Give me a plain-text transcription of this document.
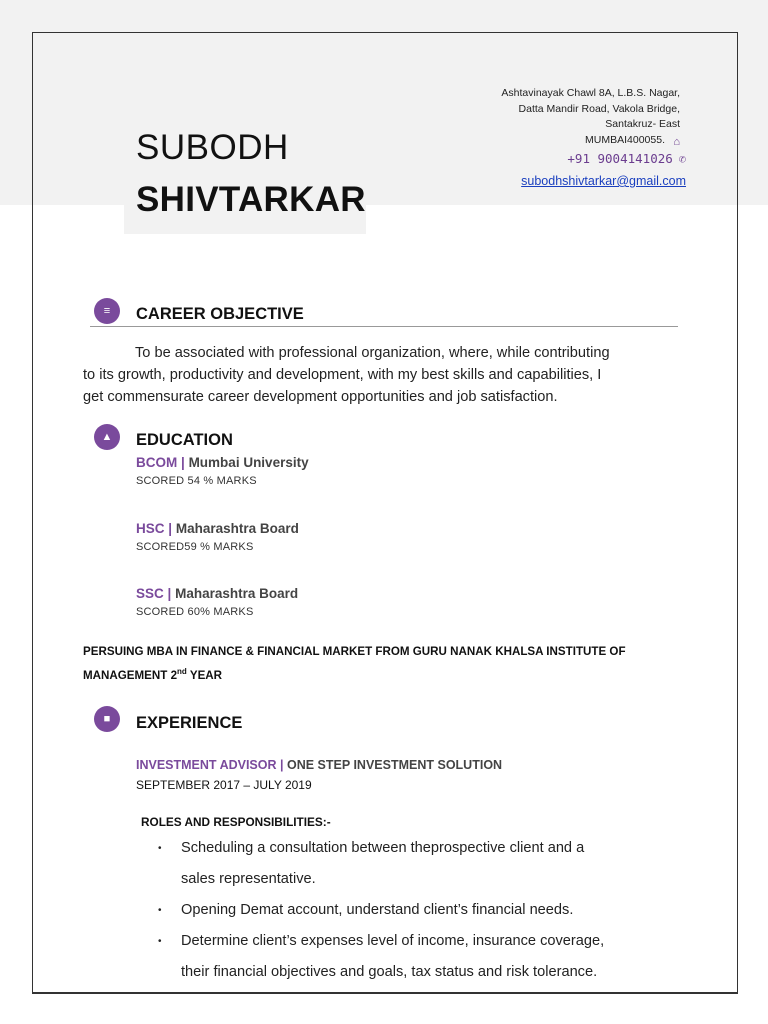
SUBODH
SHIVTARKAR
Ashtavinayak Chawl 8A, L.B.S. Nagar,
Datta Mandir Road, Vakola Bridge,
Santakruz- East
MUMBAI400055. ⌂
+91 9004141026 ✆
subodhshivtarkar@gmail.com
≡	CAREER OBJECTIVE
To be associated with professional organization, where, while contributing
to its growth, productivity and development, with my best skills and capabilities, I
get commensurate career development opportunities and job satisfaction.
▲	EDUCATION
BCOM | Mumbai University
SCORED 54 % MARKS
HSC | Maharashtra Board
SCORED59 % MARKS
SSC | Maharashtra Board
SCORED 60% MARKS
PERSUING MBA IN FINANCE & FINANCIAL MARKET FROM GURU NANAK KHALSA INSTITUTE OF
MANAGEMENT 2nd YEAR
■	EXPERIENCE
INVESTMENT ADVISOR | ONE STEP INVESTMENT SOLUTION
SEPTEMBER 2017 – JULY 2019
ROLES AND RESPONSIBILITIES:-
• Scheduling a consultation between theprospective client and a
sales representative.
• Opening Demat account, understand client’s financial needs.
• Determine client’s expenses level of income, insurance coverage,
their financial objectives and goals, tax status and risk tolerance.
